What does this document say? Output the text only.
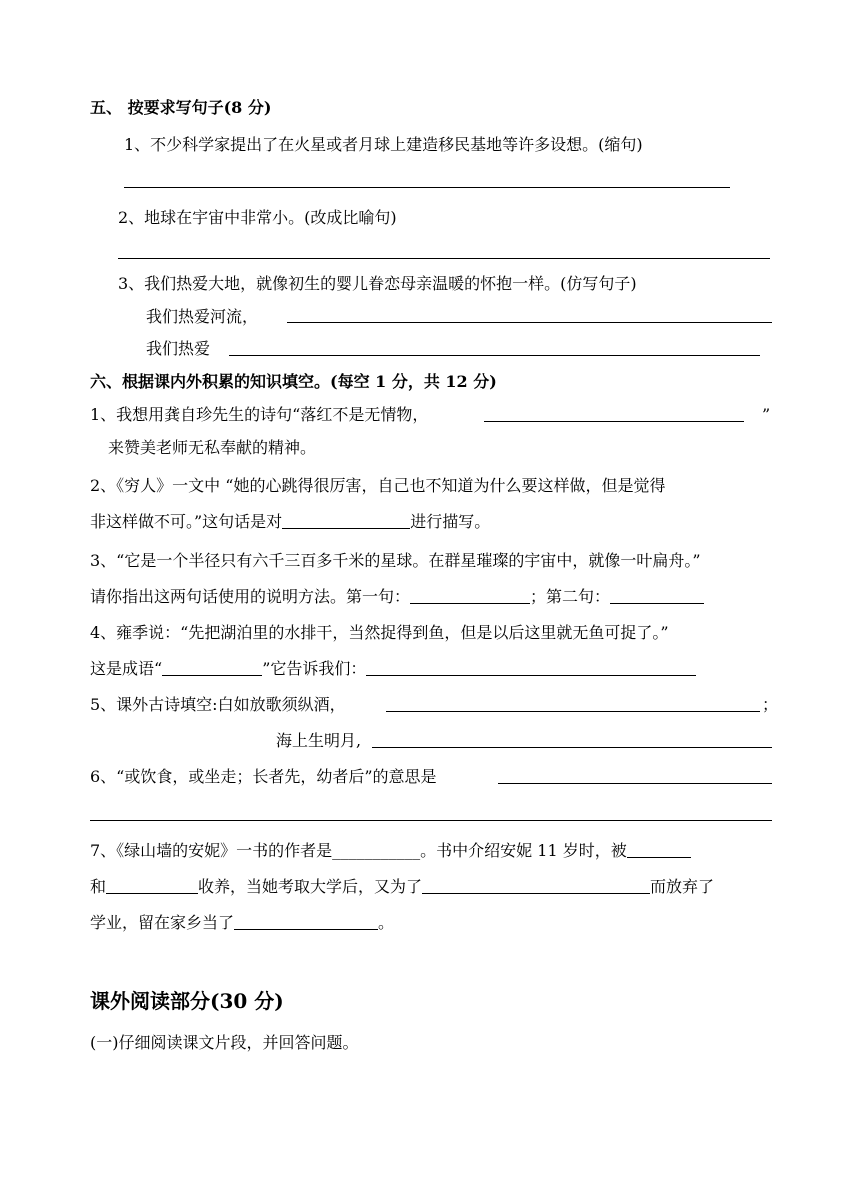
五、 按要求写句子(8 分)
1、不少科学家提出了在火星或者月球上建造移民基地等许多设想。(缩句)
2、地球在宇宙中非常小。(改成比喻句)
3、我们热爱大地，就像初生的婴儿眷恋母亲温暖的怀抱一样。(仿写句子)
我们热爱河流，
我们热爱
六、根据课内外积累的知识填空。(每空 1 分，共 12 分)
1、我想用龚自珍先生的诗句“落红不是无情物，	”
来赞美老师无私奉献的精神。
2、《穷人》一文中 “她的心跳得很厉害，自己也不知道为什么要这样做，但是觉得
非这样做不可。”这句话是对	进行描写。
3、“它是一个半径只有六千三百多千米的星球。在群星璀璨的宇宙中，就像一叶扁舟。”
请你指出这两句话使用的说明方法。第一句：	；第二句：
4、雍季说：“先把湖泊里的水排干，当然捉得到鱼，但是以后这里就无鱼可捉了。”
这是成语“	”它告诉我们：
5、课外古诗填空:白如放歌须纵酒，	；
海上生明月,
6、“或饮食，或坐走；长者先，幼者后”的意思是
7、《绿山墙的安妮》一书的作者是___________。书中介绍安妮 11 岁时，被
和	收养，当她考取大学后，又为了	而放弃了
学业，留在家乡当了	。
课外阅读部分(30 分)
(一)仔细阅读课文片段，并回答问题。
